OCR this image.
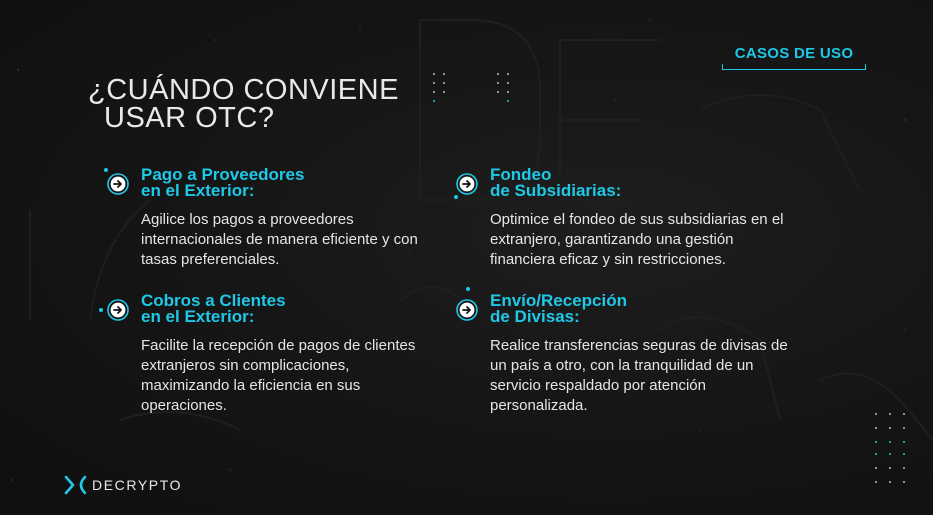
CASOS DE USO
¿CUÁNDO CONVIENE
USAR OTC?
Pago a Proveedores
en el Exterior:

Agilice los pagos a proveedores internacionales de manera eficiente y con tasas preferenciales.

Fondeo
de Subsidiarias:

Optimice el fondeo de sus subsidiarias en el extranjero, garantizando una gestión financiera eficaz y sin restricciones.

Cobros a Clientes
en el Exterior:

Facilite la recepción de pagos de clientes extranjeros sin complicaciones, maximizando la eficiencia en sus operaciones.

Envío/Recepción
de Divisas:

Realice transferencias seguras de divisas de un país a otro, con la tranquilidad de un servicio respaldado por atención personalizada.

DECRYPTO
